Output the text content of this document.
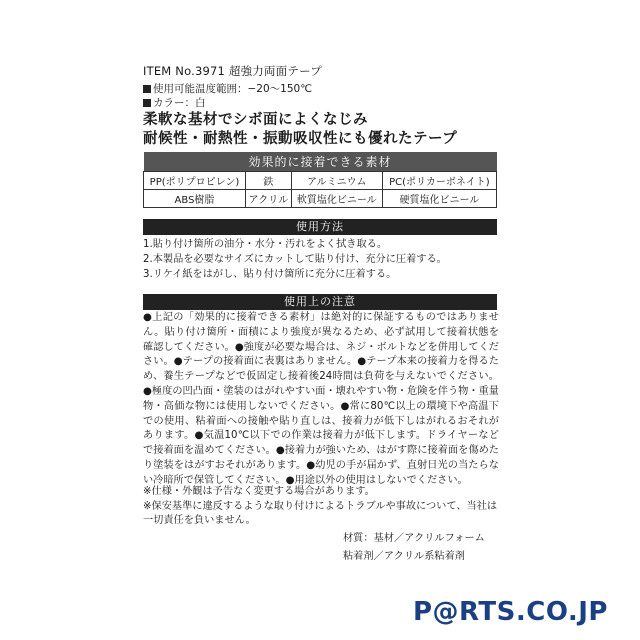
ITEM No.3971 超強力両面テープ
使用可能温度範囲：−20〜150℃
カラー：白
柔軟な基材でシボ面によくなじみ
耐候性・耐熱性・振動吸収性にも優れたテープ
効果的に接着できる素材			
PP(ポリプロピレン)	鉄	アルミニウム	PC(ポリカーボネイト)
ABS樹脂	アクリル	軟質塩化ビニール	硬質塩化ビニール
使用方法
1.貼り付け箇所の油分・水分・汚れをよく拭き取る。
2.本製品を必要なサイズにカットして貼り付け、充分に圧着する。
3.リケイ紙をはがし、貼り付け箇所に充分に圧着する。
使用上の注意
●上記の「効果的に接着できる素材」は絶対的に保証するものではありません。貼り付け箇所・面積により強度が異なるため、必ず試用して接着状態を確認してください。●強度が必要な場合は、ネジ・ボルトなどを併用してください。●テープの接着面に表裏はありません。●テープ本来の接着力を得るため、養生テープなどで仮固定し接着後24時間は負荷を与えないでください。●極度の凹凸面・塗装のはがれやすい面・壊れやすい物・危険を伴う物・重量物・高価な物には使用しないでください。●常に80℃以上の環境下や高温下での使用、粘着面への接触や貼り直しは、接着力が低下しはがれるおそれがあります。●気温10℃以下での作業は接着力が低下します。ドライヤーなどで接着面を温めてください。●接着力が強いため、はがす際に接着面を傷めたり塗装をはがすおそれがあります。●幼児の手が届かず、直射日光の当たらない冷暗所で保管してください。●用途以外の使用はしないでください。
※仕様・外観は予告なく変更する場合があります。
※保安基準に違反するような取り付けによるトラブルや事故について、当社は一切責任を負いません。
材質：基材／アクリルフォーム
粘着剤／アクリル系粘着剤
P@RTS.CO.JP
